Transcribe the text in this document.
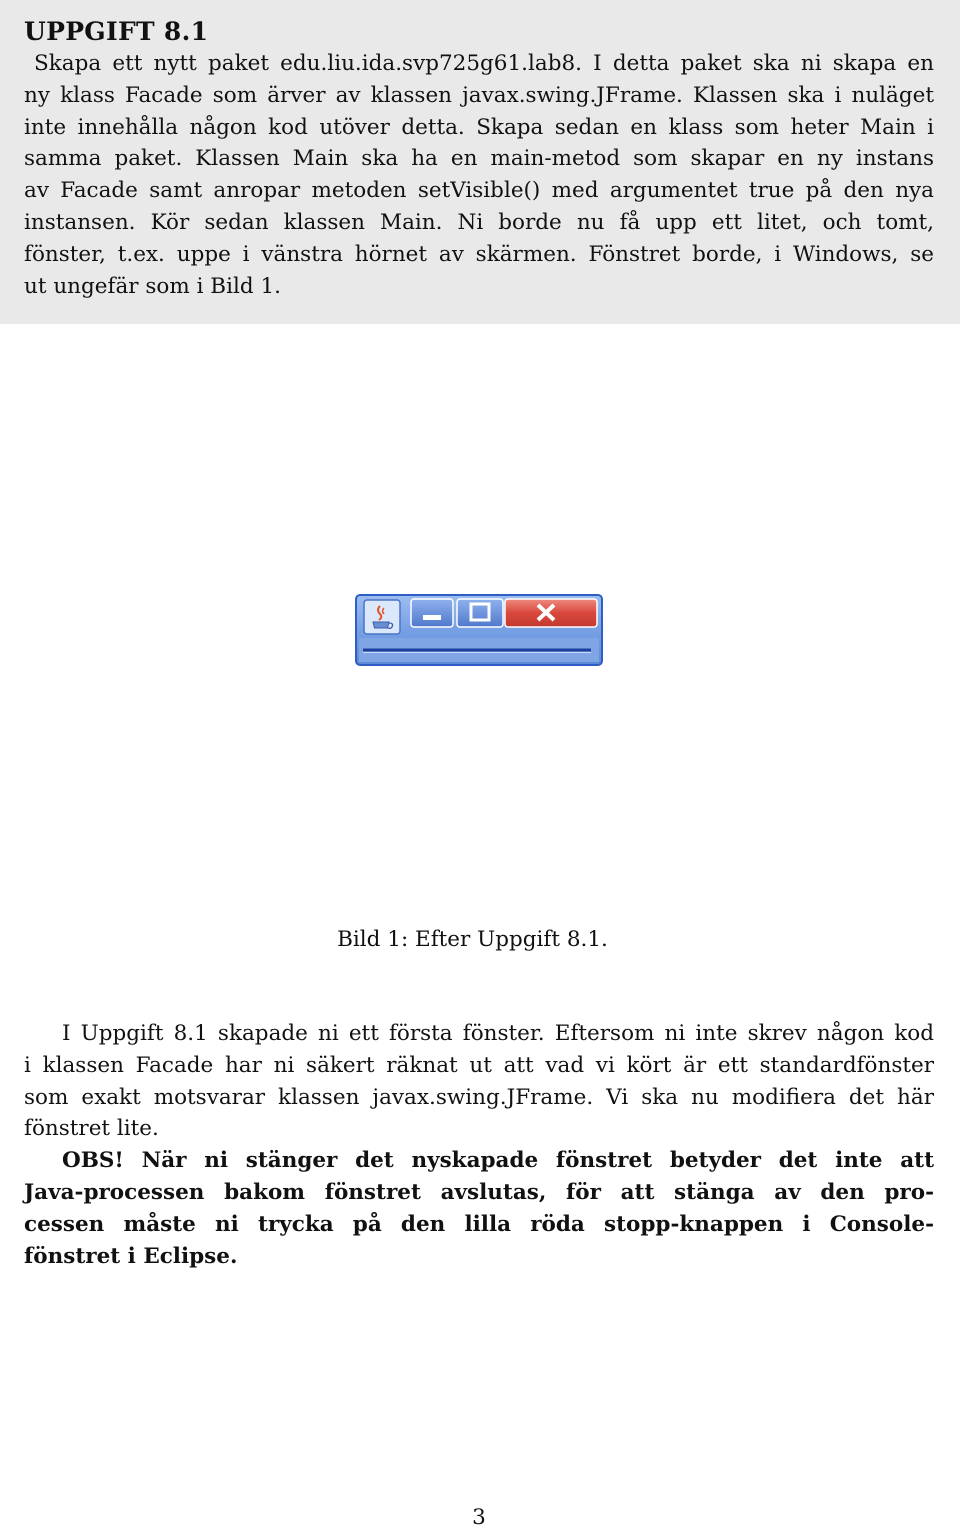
UPPGIFT 8.1
Skapa ett nytt paket edu.liu.ida.svp725g61.lab8. I detta paket ska ni skapa en
ny klass Facade som ärver av klassen javax.swing.JFrame. Klassen ska i nuläget
inte innehålla någon kod utöver detta. Skapa sedan en klass som heter Main i
samma paket. Klassen Main ska ha en main-metod som skapar en ny instans
av Facade samt anropar metoden setVisible() med argumentet true på den nya
instansen. Kör sedan klassen Main. Ni borde nu få upp ett litet, och tomt,
fönster, t.ex. uppe i vänstra hörnet av skärmen. Fönstret borde, i Windows, se
ut ungefär som i Bild 1.
Bild 1: Efter Uppgift 8.1.
I Uppgift 8.1 skapade ni ett första fönster. Eftersom ni inte skrev någon kod
i klassen Facade har ni säkert räknat ut att vad vi kört är ett standardfönster
som exakt motsvarar klassen javax.swing.JFrame. Vi ska nu modifiera det här
fönstret lite.
OBS! När ni stänger det nyskapade fönstret betyder det inte att
Java-processen bakom fönstret avslutas, för att stänga av den pro-
cessen måste ni trycka på den lilla röda stopp-knappen i Console-
fönstret i Eclipse.
3
